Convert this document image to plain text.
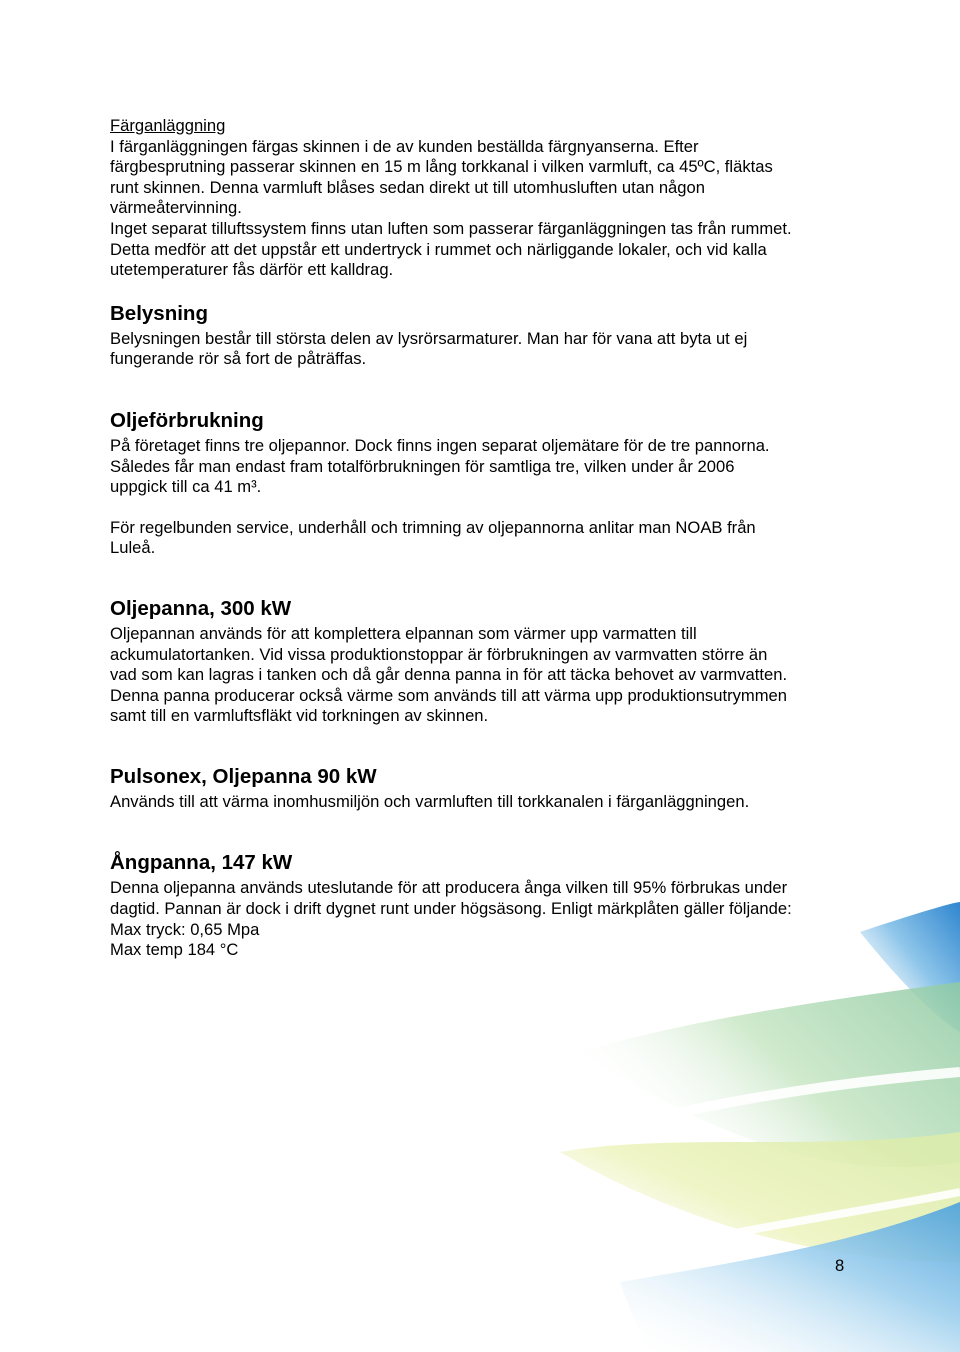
Färganläggning

I färganläggningen färgas skinnen i de av kunden beställda färgnyanserna. Efter
färgbesprutning passerar skinnen en 15 m lång torkkanal i vilken varmluft, ca 45ºC, fläktas
runt skinnen. Denna varmluft blåses sedan direkt ut till utomhusluften utan någon
värmeåtervinning.
Inget separat tilluftssystem finns utan luften som passerar färganläggningen tas från rummet.
Detta medför att det uppstår ett undertryck i rummet och närliggande lokaler, och vid kalla
utetemperaturer fås därför ett kalldrag.

Belysning

Belysningen består till största delen av lysrörsarmaturer. Man har för vana att byta ut ej
fungerande rör så fort de påträffas.

Oljeförbrukning

På företaget finns tre oljepannor. Dock finns ingen separat oljemätare för de tre pannorna.
Således får man endast fram totalförbrukningen för samtliga tre, vilken under år 2006
uppgick till ca 41 m³.

För regelbunden service, underhåll och trimning av oljepannorna anlitar man NOAB från
Luleå.

Oljepanna, 300 kW

Oljepannan används för att komplettera elpannan som värmer upp varmatten till
ackumulatortanken. Vid vissa produktionstoppar är förbrukningen av varmvatten större än
vad som kan lagras i tanken och då går denna panna in för att täcka behovet av varmvatten.
Denna panna producerar också värme som används till att värma upp produktionsutrymmen
samt till en varmluftsfläkt vid torkningen av skinnen.

Pulsonex, Oljepanna 90 kW

Används till att värma inomhusmiljön och varmluften till torkkanalen i färganläggningen.

Ångpanna, 147 kW

Denna oljepanna används uteslutande för att producera ånga vilken till 95% förbrukas under
dagtid. Pannan är dock i drift dygnet runt under högsäsong. Enligt märkplåten gäller följande:
Max tryck: 0,65 Mpa
Max temp 184 °C

8
